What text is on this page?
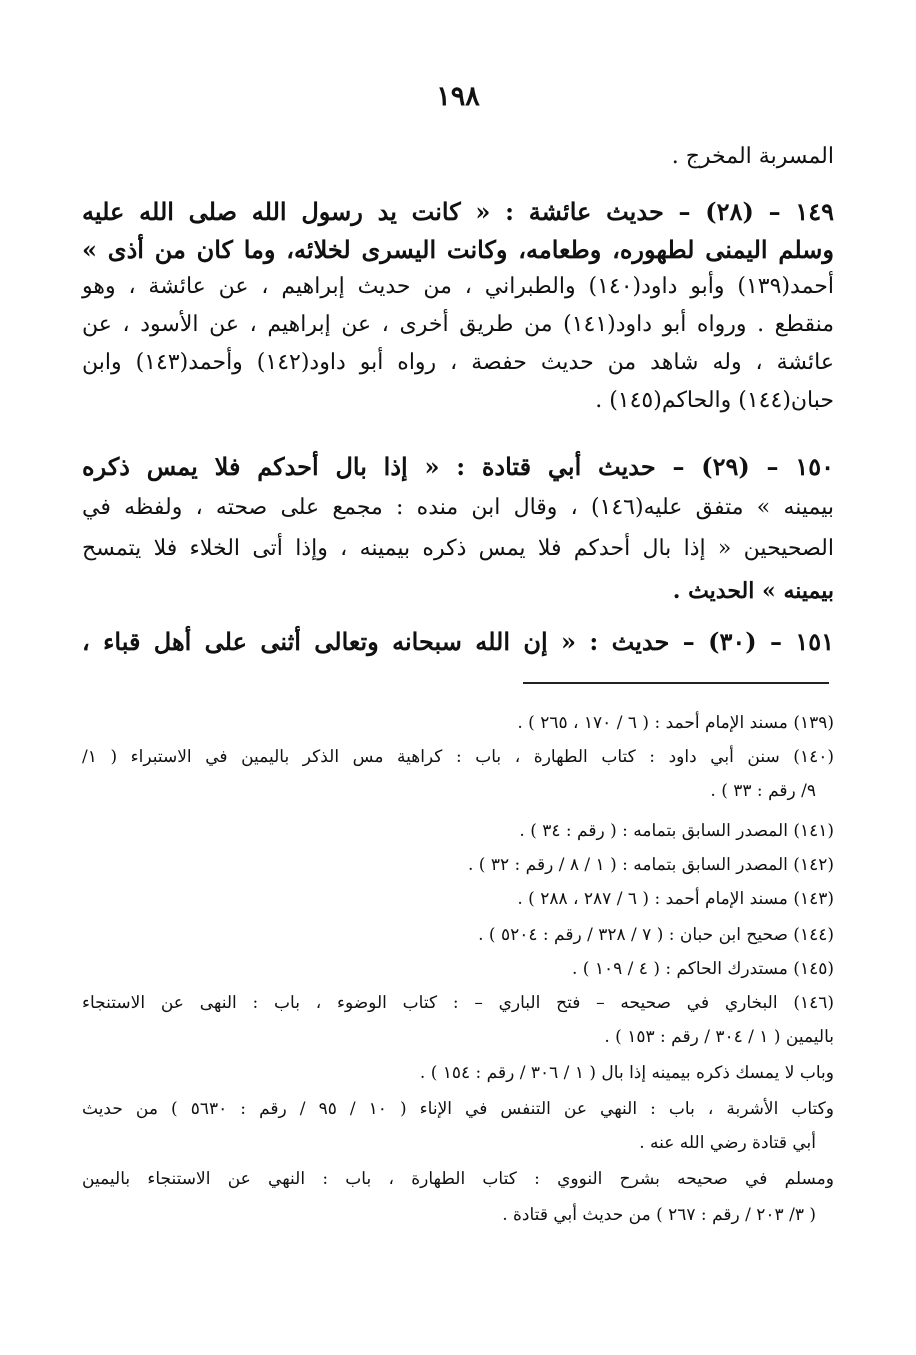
١٩٨
المسربة المخرج .
١٤٩ – (٢٨) – حديث عائشة : « كانت يد رسول الله صلى الله عليه
وسلم اليمنى لطهوره، وطعامه، وكانت اليسرى لخلائه، وما كان من أذى »
أحمد(١٣٩) وأبو داود(١٤٠) والطبراني ، من حديث إبراهيم ، عن عائشة ، وهو
منقطع . ورواه أبو داود(١٤١) من طريق أخرى ، عن إبراهيم ، عن الأسود ، عن
عائشة ، وله شاهد من حديث حفصة ، رواه أبو داود(١٤٢) وأحمد(١٤٣) وابن
حبان(١٤٤) والحاكم(١٤٥) .
١٥٠ – (٢٩) – حديث أبي قتادة : « إذا بال أحدكم فلا يمس ذكره
بيمينه » متفق عليه(١٤٦) ، وقال ابن منده : مجمع على صحته ، ولفظه في
الصحيحين « إذا بال أحدكم فلا يمس ذكره بيمينه ، وإذا أتى الخلاء فلا يتمسح
بيمينه » الحديث .
١٥١ – (٣٠) – حديث : « إن الله سبحانه وتعالى أثنى على أهل قباء ،
(١٣٩) مسند الإمام أحمد : ( ٦ / ١٧٠ ، ٢٦٥ ) .
(١٤٠) سنن أبي داود : كتاب الطهارة ، باب : كراهية مس الذكر باليمين في الاستبراء ( ١/
٩/ رقم : ٣٣ ) .
(١٤١) المصدر السابق بتمامه : ( رقم : ٣٤ ) .
(١٤٢) المصدر السابق بتمامه : ( ١ / ٨ / رقم : ٣٢ ) .
(١٤٣) مسند الإمام أحمد : ( ٦ / ٢٨٧ ، ٢٨٨ ) .
(١٤٤) صحيح ابن حبان : ( ٧ / ٣٢٨ / رقم : ٥٢٠٤ ) .
(١٤٥) مستدرك الحاكم : ( ٤ / ١٠٩ ) .
(١٤٦) البخاري في صحيحه – فتح الباري – : كتاب الوضوء ، باب : النهى عن الاستنجاء
باليمين ( ١ / ٣٠٤ / رقم : ١٥٣ ) .
وباب لا يمسك ذكره بيمينه إذا بال ( ١ / ٣٠٦ / رقم : ١٥٤ ) .
وكتاب الأشربة ، باب : النهي عن التنفس في الإناء ( ١٠ / ٩٥ / رقم : ٥٦٣٠ ) من حديث
أبي قتادة رضي الله عنه .
ومسلم في صحيحه بشرح النووي : كتاب الطهارة ، باب : النهي عن الاستنجاء باليمين
( ٣/ ٢٠٣ / رقم : ٢٦٧ ) من حديث أبي قتادة .
